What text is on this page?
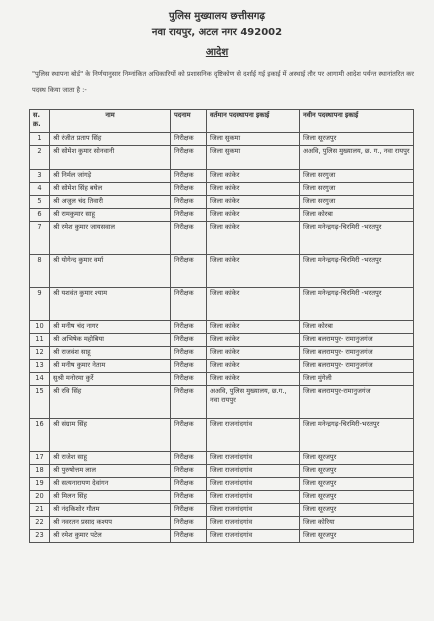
पुलिस मुख्यालय छत्तीसगढ़
नवा रायपुर, अटल नगर 492002
आदेश
"पुलिस स्थापना बोर्ड" के निर्णयानुसार निम्नांकित अधिकारियों को प्रशासनिक दृष्टिकोण से दर्शाई गई इकाई में अस्थाई तौर पर आगामी आदेश पर्यन्त स्थानांतरित कर पदस्थ किया जाता है :-
स. क्र.	नाम	पदनाम	वर्तमान पदस्थापना इकाई	नवीन पदस्थापना इकाई
1	श्री रंजीत प्रताप सिंह	निरीक्षक	जिला सुकमा	जिला सूरजपुर
2	श्री सोमेश कुमार सोनवानी	निरीक्षक	जिला सुकमा	अअवि, पुलिस मुख्यालय, छ. ग., नवा रायपुर
3	श्री निर्मल जांगड़े	निरीक्षक	जिला कांकेर	जिला सरगुजा
4	श्री सोमेश सिंह बघेल	निरीक्षक	जिला कांकेर	जिला सरगुजा
5	श्री अजुल चंद तिवारी	निरीक्षक	जिला कांकेर	जिला सरगुजा
6	श्री रामकुमार साहू	निरीक्षक	जिला कांकेर	जिला कोरबा
7	श्री रमेश कुमार जायसवाल	निरीक्षक	जिला कांकेर	जिला मनेन्द्रगढ़-चिरमिरी -भरतपुर
8	श्री योगेन्द कुमार वर्मा	निरीक्षक	जिला कांकेर	जिला मनेन्द्रगढ़-चिरमिरी -भरतपुर
9	श्री यशवंत कुमार श्याम	निरीक्षक	जिला कांकेर	जिला मनेन्द्रगढ़-चिरमिरी -भरतपुर
10	श्री मनीष चंद नागर	निरीक्षक	जिला कांकेर	जिला कोरबा
11	श्री अभिषेक महोबिया	निरीक्षक	जिला कांकेर	जिला बलरामपुर- रामानुजगंज
12	श्री राजवंश साहू	निरीक्षक	जिला कांकेर	जिला बलरामपुर- रामानुजगंज
13	श्री मनीष कुमार नेताम	निरीक्षक	जिला कांकेर	जिला बलरामपुर- रामानुजगंज
14	सुश्री मनोरमा कुर्रे	निरीक्षक	जिला कांकेर	जिला मुंगेली
15	श्री रवि सिंह	निरीक्षक	अअवि, पुलिस मुख्यालय, छ.ग., नवा रायपुर	जिला बलरामपुर-रामानुजगंज
16	श्री संग्राम सिंह	निरीक्षक	जिला राजनांदगांव	जिला मनेन्द्रगढ़-चिरमिरी-भरतपुर
17	श्री राजेश साहू	निरीक्षक	जिला राजनांदगांव	जिला सूरजपुर
18	श्री पुरुषोत्तम लाल	निरीक्षक	जिला राजनांदगांव	जिला सूरजपुर
19	श्री सत्यनारायण देवांगन	निरीक्षक	जिला राजनांदगांव	जिला सूरजपुर
20	श्री मिलन सिंह	निरीक्षक	जिला राजनांदगांव	जिला सूरजपुर
21	श्री नंदकिशोर गौतम	निरीक्षक	जिला राजनांदगांव	जिला सूरजपुर
22	श्री नवरतन प्रसाद कश्यप	निरीक्षक	जिला राजनांदगांव	जिला कोरिया
23	श्री रमेश कुमार पटेल	निरीक्षक	जिला राजनांदगांव	जिला सूरजपुर
